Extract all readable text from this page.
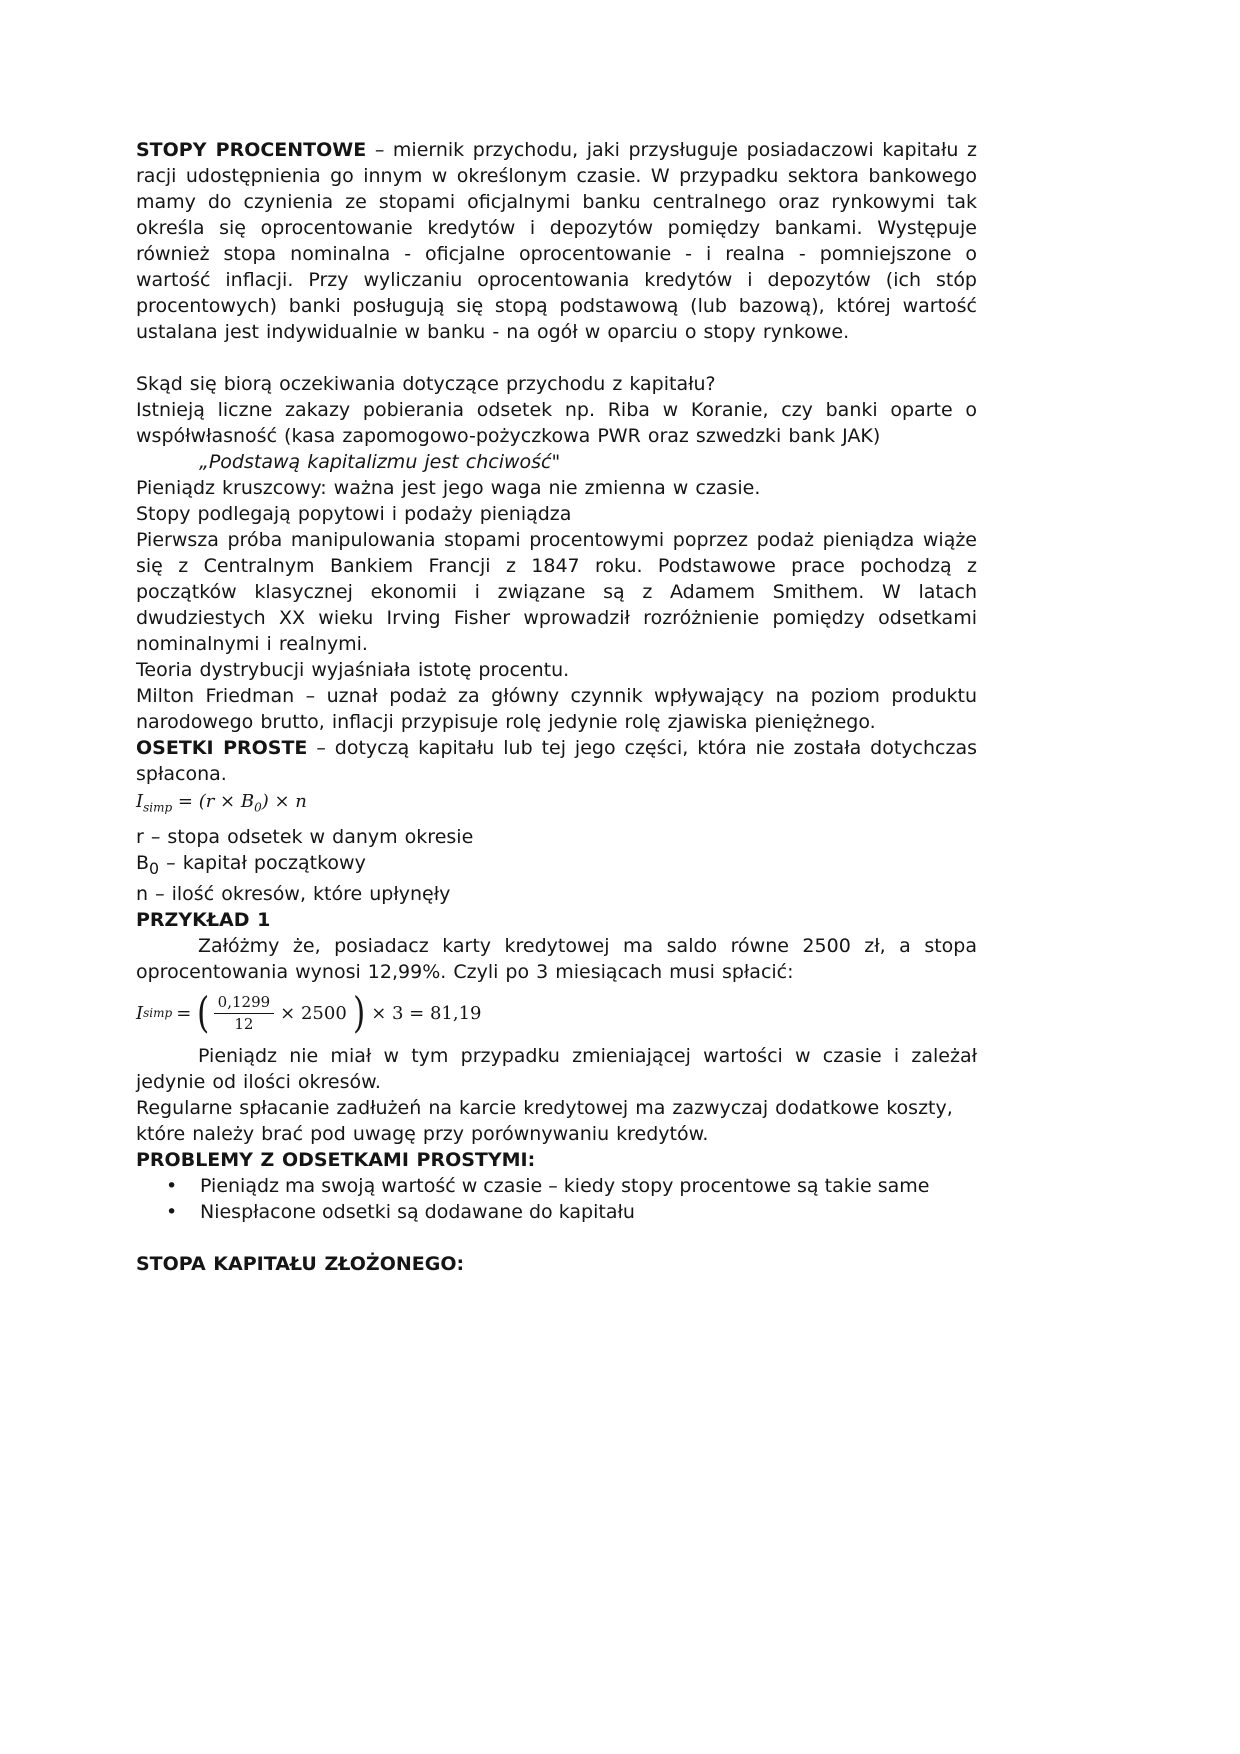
STOPY PROCENTOWE – miernik przychodu, jaki przysługuje posiadaczowi kapitału z racji udostępnienia go innym w określonym czasie. W przypadku sektora bankowego mamy do czynienia ze stopami oficjalnymi banku centralnego oraz rynkowymi tak określa się oprocentowanie kredytów i depozytów pomiędzy bankami. Występuje również stopa nominalna - oficjalne oprocentowanie - i realna - pomniejszone o wartość inflacji. Przy wyliczaniu oprocentowania kredytów i depozytów (ich stóp procentowych) banki posługują się stopą podstawową (lub bazową), której wartość ustalana jest indywidualnie w banku - na ogół w oparciu o stopy rynkowe.

Skąd się biorą oczekiwania dotyczące przychodu z kapitału?

Istnieją liczne zakazy pobierania odsetek np. Riba w Koranie, czy banki oparte o współwłasność (kasa zapomogowo-pożyczkowa PWR oraz szwedzki bank JAK)

„Podstawą kapitalizmu jest chciwość"

Pieniądz kruszcowy: ważna jest jego waga nie zmienna w czasie.

Stopy podlegają popytowi i podaży pieniądza

Pierwsza próba manipulowania stopami procentowymi poprzez podaż pieniądza wiąże się z Centralnym Bankiem Francji z 1847 roku. Podstawowe prace pochodzą z początków klasycznej ekonomii i związane są z Adamem Smithem. W latach dwudziestych XX wieku Irving Fisher wprowadził rozróżnienie pomiędzy odsetkami nominalnymi i realnymi.

Teoria dystrybucji wyjaśniała istotę procentu.

Milton Friedman – uznał podaż za główny czynnik wpływający na poziom produktu narodowego brutto, inflacji przypisuje rolę jedynie rolę zjawiska pieniężnego.

OSETKI PROSTE – dotyczą kapitału lub tej jego części, która nie została dotychczas spłacona.

$I_{simp} = (r \times B_0) \times n$

r – stopa odsetek w danym okresie

$B_0$ – kapitał początkowy

n – ilość okresów, które upłynęły

PRZYKŁAD 1

Załóżmy że, posiadacz karty kredytowej ma saldo równe 2500 zł, a stopa oprocentowania wynosi 12,99%. Czyli po 3 miesiącach musi spłacić:

I simp = ( $\frac{0,1299}{12} \times 2500$ ) × 3 = 81,19

Pieniądz nie miał w tym przypadku zmieniającej wartości w czasie i zależał jedynie od ilości okresów.

Regularne spłacanie zadłużeń na karcie kredytowej ma zazwyczaj dodatkowe koszty, które należy brać pod uwagę przy porównywaniu kredytów.

PROBLEMY Z ODSETKAMI PROSTYMI:

•	Pieniądz ma swoją wartość w czasie – kiedy stopy procentowe są takie same
•	Niespłacone odsetki są dodawane do kapitału

STOPA KAPITAŁU ZŁOŻONEGO:
